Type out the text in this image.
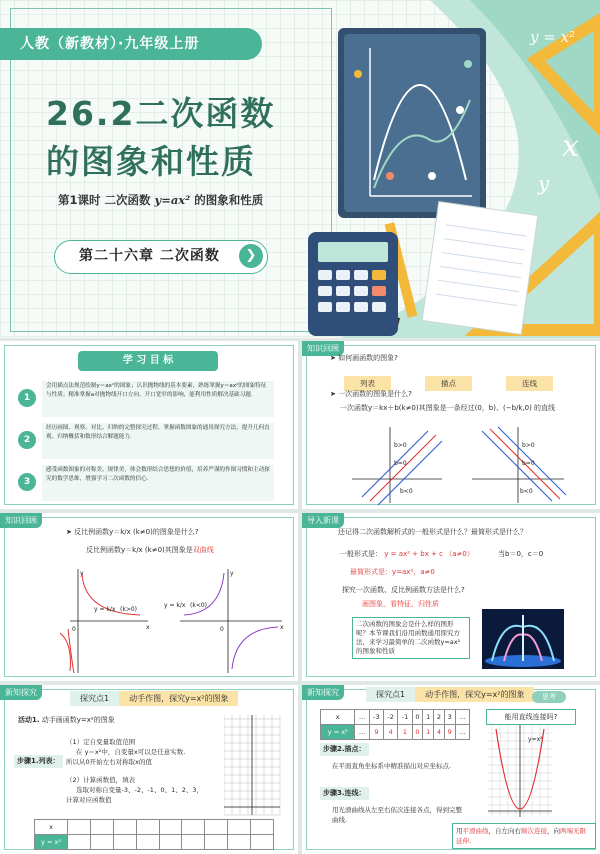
人教（新教材）·九年级上册
26.2二次函数
的图象和性质
第1课时 二次函数 y=ax² 的图象和性质
第二十六章 二次函数	❯
y = x²
x
y
学 习 目 标
1
会用描点法规范绘制y＝ax²的图象；认识抛物线的基本要素，熟练掌握y＝ax²的图象特征与性质；精准掌握a对抛物线开口方向、开口宽窄的影响，能利用性质解决基础习题.
2
经历画图、观察、对比、归纳的完整探究过程，掌握函数图象的通用探究方法，提升几何直观、归纳概括和数形结合解题能力.
3
感受函数图象的对称美、规律美，体会数形结合思想的价值，培养严谨的作图习惯和主动探究的数学思维，增强学习二次函数的信心.
知识回顾
➤ 如何画函数的图象?
列表	描点	连线
➤ 一次函数的图象是什么?
一次函数y＝kx＋b(k≠0)其图象是一条经过(0，b)、(−b/k,0) 的直线
b>0
b=0
b<0
b>0
b=0
b<0
知识回顾
➤ 反比例函数y＝k/x (k≠0)的图象是什么?
反比例函数y＝k/x (k≠0)其图象是双曲线
y = k/x (k>0)
0	x
y
y = k/x (k<0)
0	x
y
导入新课
还记得二次函数解析式的一般形式是什么？最简形式是什么？
一般形式是： y = ax² + bx + c （a≠0）	当b＝0，c＝0
最简形式是：y=ax²，a≠0
探究一次函数、反比例函数方法是什么?
画图象，看特征，归性质
二次函数的图象会是什么样的图形呢？本节课我们沿用函数通用探究方法，来学习最简单的二次函数y=ax²的图象和性质
新知探究
探究点1	动手作图，探究y=x²的图象
活动1. 动手画函数y=x²的图象
步骤1.列表：
（1）定自变量取值范围
在 y＝x²中，自变量x可以是任意实数.
所以从0开始左右对称取x的值
（2）计算函数值，填表
选取对称自变量-3、-2、-1、0、1、2、3，
计算对应函数值
x									
y = x²									
新知探究	探究点1	动手作图，探究y=x²的图象	思考
x	…	-3	-2	-1	0	1	2	3	…
y = x²	…	9	4	1	0	1	4	9	…
能用直线连接吗?
步骤2.描点：
在平面直角坐标系中精准描出对应坐标点.
步骤3.连线：
用光滑曲线从左至右依次连接各点，得到完整曲线.
y=x²
用平滑曲线，自左向右顺次连接，向两端无限延伸.
